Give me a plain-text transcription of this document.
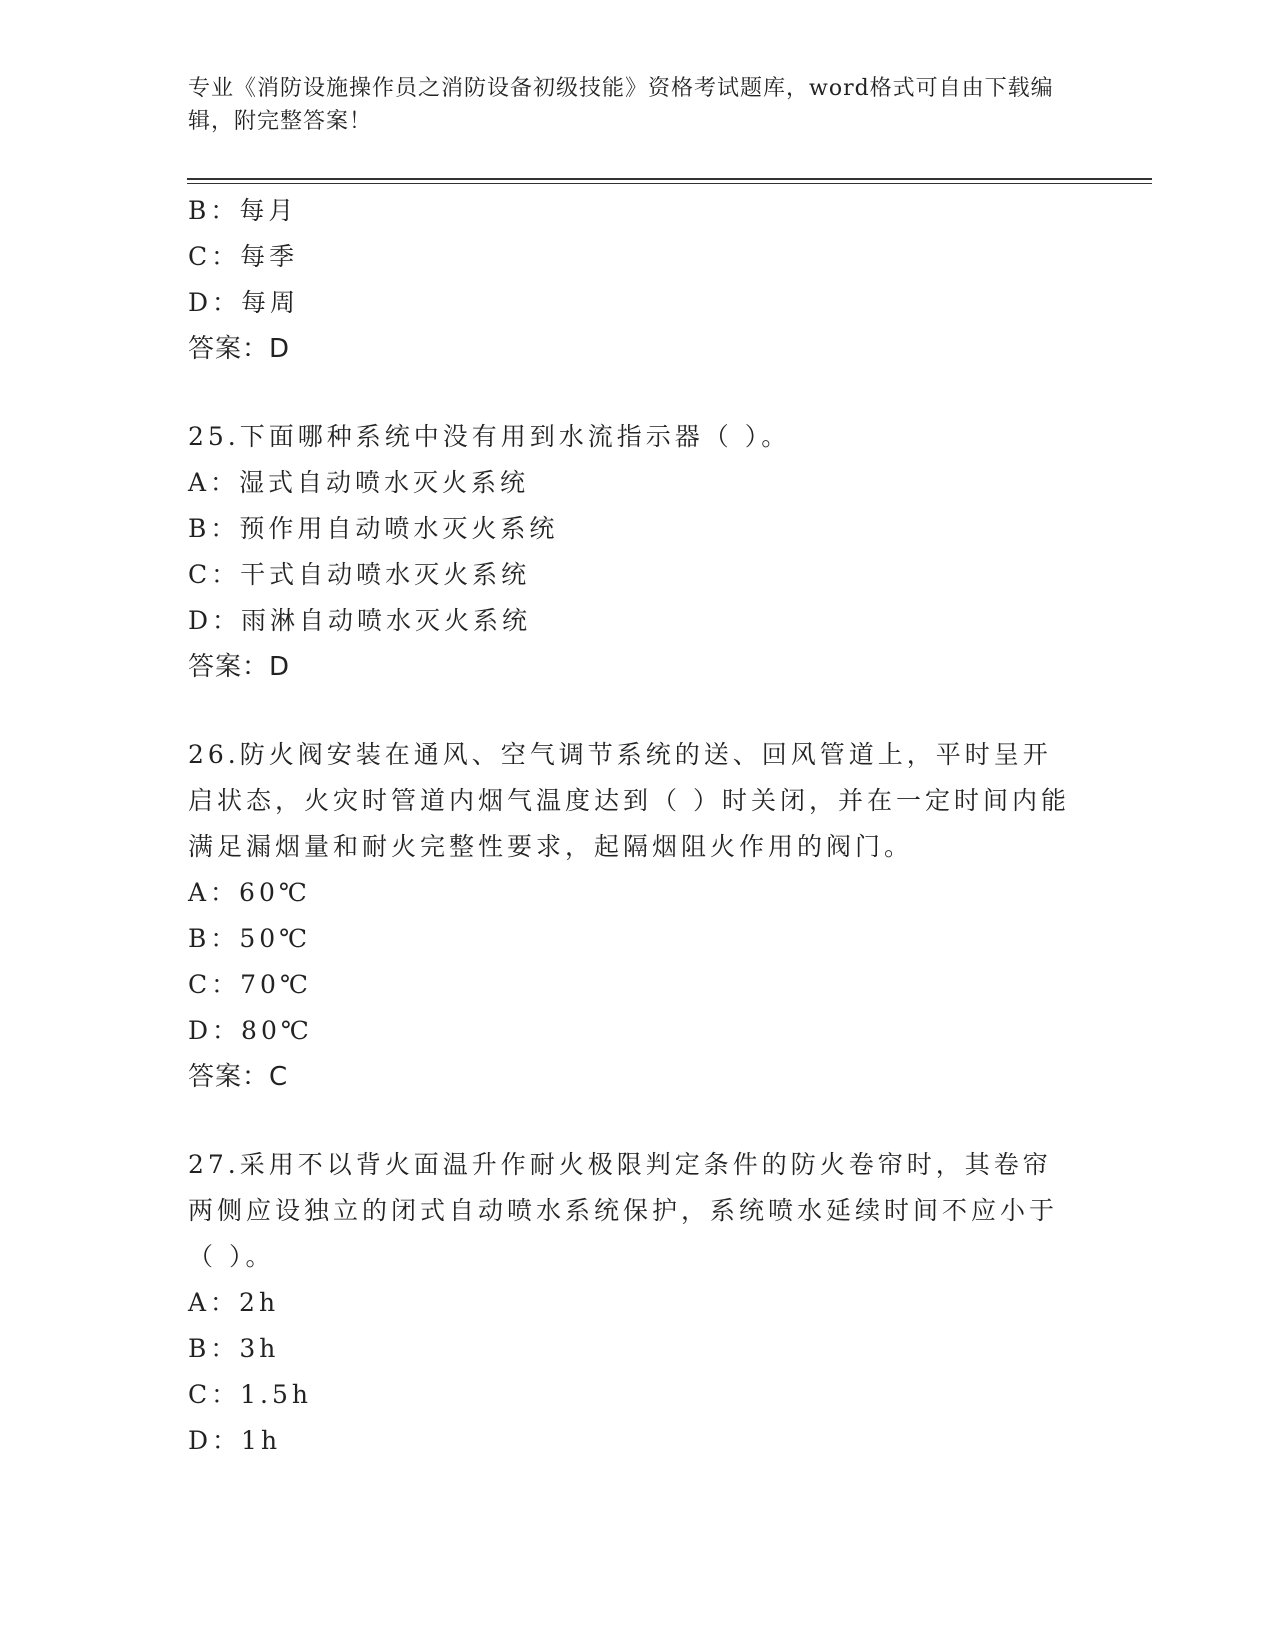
专业《消防设施操作员之消防设备初级技能》资格考试题库，word格式可自由下载编辑，附完整答案！
B：每月
C：每季
D：每周
答案：D
25.下面哪种系统中没有用到水流指示器（ ）。
A：湿式自动喷水灭火系统
B：预作用自动喷水灭火系统
C：干式自动喷水灭火系统
D：雨淋自动喷水灭火系统
答案：D
26.防火阀安装在通风、空气调节系统的送、回风管道上，平时呈开启状态，火灾时管道内烟气温度达到（ ）时关闭，并在一定时间内能满足漏烟量和耐火完整性要求，起隔烟阻火作用的阀门。
A：60℃
B：50℃
C：70℃
D：80℃
答案：C
27.采用不以背火面温升作耐火极限判定条件的防火卷帘时，其卷帘两侧应设独立的闭式自动喷水系统保护，系统喷水延续时间不应小于（ ）。
A：2h
B：3h
C：1.5h
D：1h
